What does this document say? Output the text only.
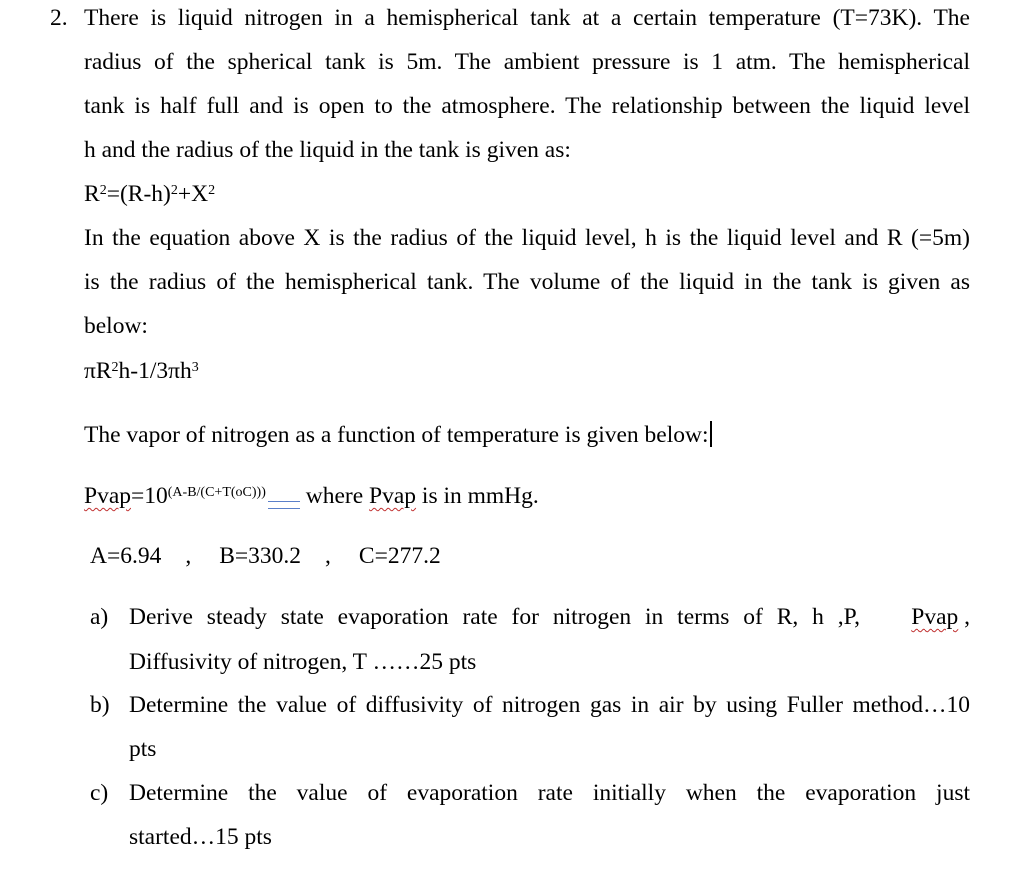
2. There is liquid nitrogen in a hemispherical tank at a certain temperature (T=73K). The
radius of the spherical tank is 5m. The ambient pressure is 1 atm. The hemispherical
tank is half full and is open to the atmosphere. The relationship between the liquid level
h and the radius of the liquid in the tank is given as:
$R^2=(R-h)^2+X^2$
In the equation above X is the radius of the liquid level, h is the liquid level and R (=5m)
is the radius of the hemispherical tank. The volume of the liquid in the tank is given as
below:
$\pi R^2h-1/3\pi h^3$
The vapor of nitrogen as a function of temperature is given below:
$Pvap=10^{(A-B/(C+T(oC)))}$ where Pvap is in mmHg.
A=6.94 , B=330.2 , C=277.2
a) Derive steady state evaporation rate for nitrogen in terms of R, h ,P, Pvap ,
Diffusivity of nitrogen, T ……25 pts
b) Determine the value of diffusivity of nitrogen gas in air by using Fuller method…10
pts
c) Determine the value of evaporation rate initially when the evaporation just
started…15 pts
